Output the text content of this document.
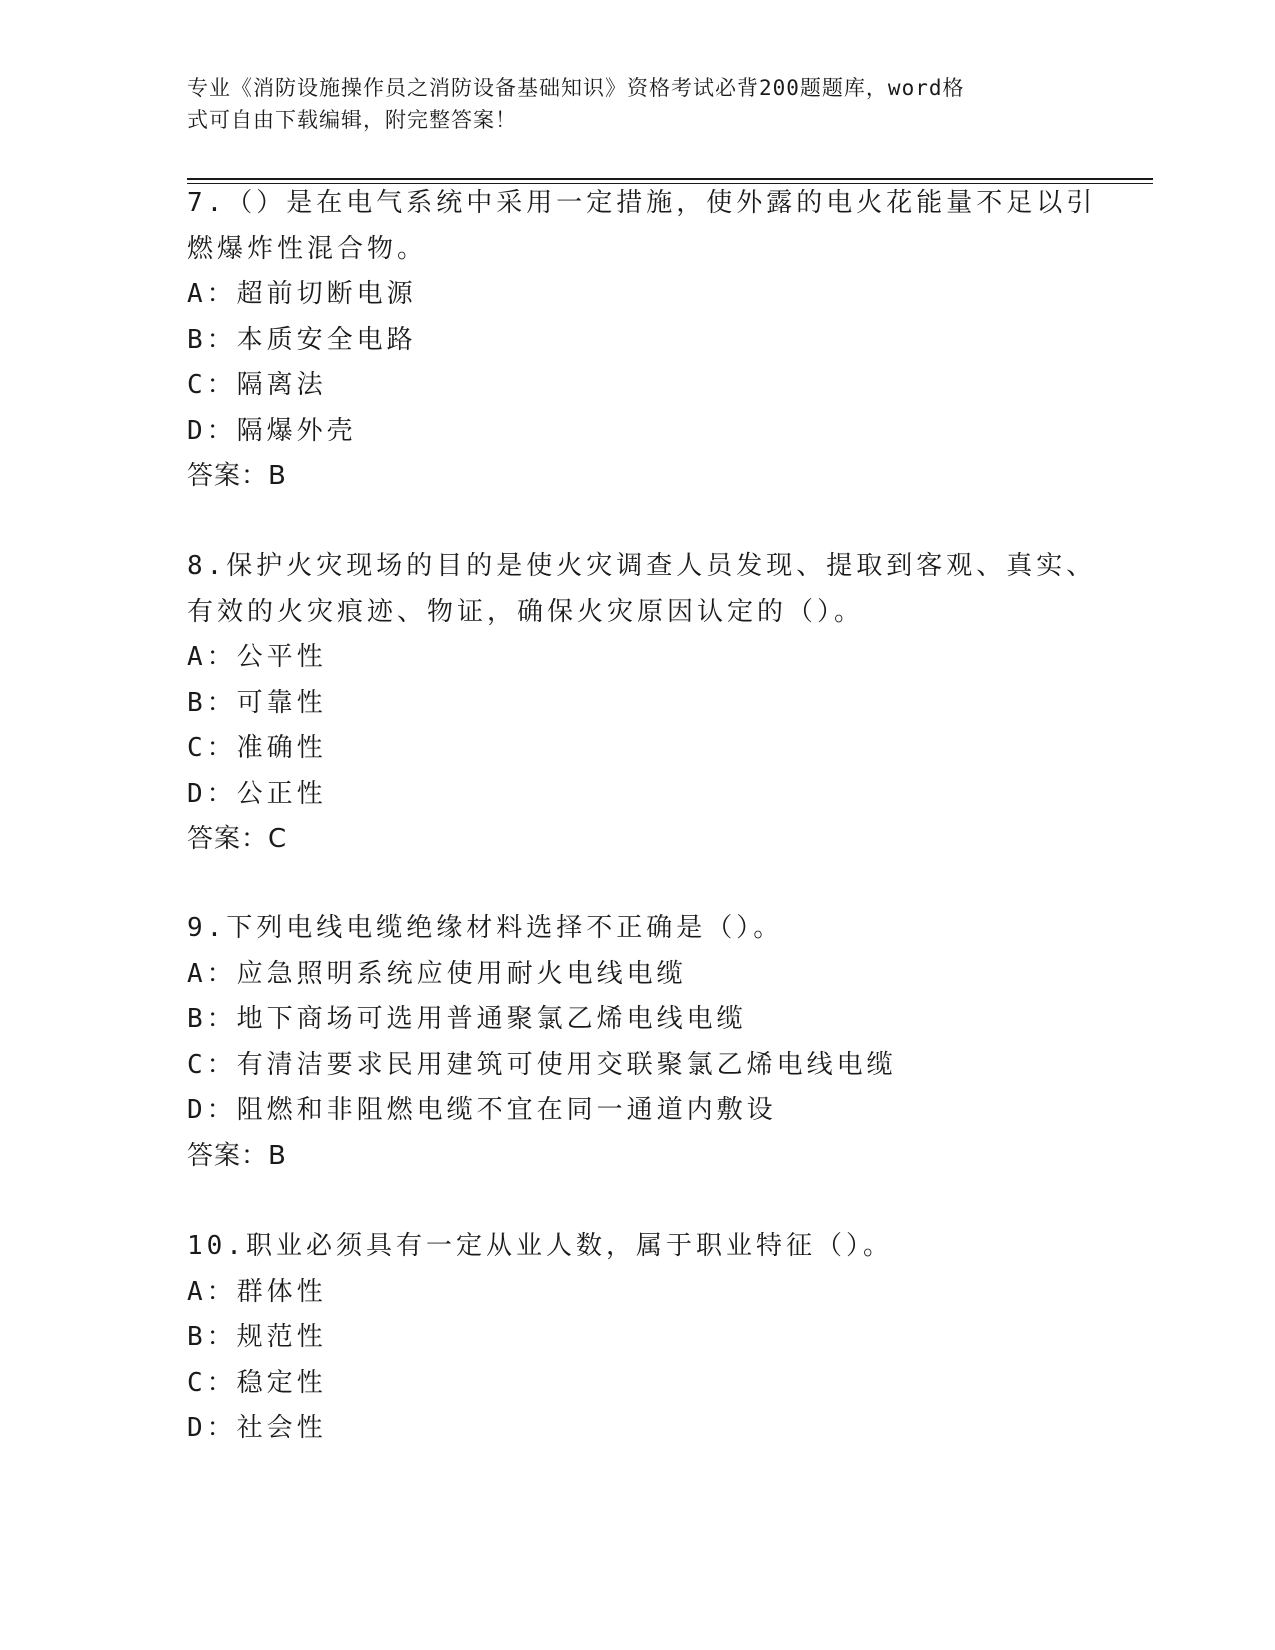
专业《消防设施操作员之消防设备基础知识》资格考试必背200题题库，word格
式可自由下载编辑，附完整答案！
7.（）是在电气系统中采用一定措施，使外露的电火花能量不足以引
燃爆炸性混合物。
A：超前切断电源
B：本质安全电路
C：隔离法
D：隔爆外壳
答案：B
8.保护火灾现场的目的是使火灾调查人员发现、提取到客观、真实、
有效的火灾痕迹、物证，确保火灾原因认定的（）。
A：公平性
B：可靠性
C：准确性
D：公正性
答案：C
9.下列电线电缆绝缘材料选择不正确是（）。
A：应急照明系统应使用耐火电线电缆
B：地下商场可选用普通聚氯乙烯电线电缆
C：有清洁要求民用建筑可使用交联聚氯乙烯电线电缆
D：阻燃和非阻燃电缆不宜在同一通道内敷设
答案：B
10.职业必须具有一定从业人数，属于职业特征（）。
A：群体性
B：规范性
C：稳定性
D：社会性
